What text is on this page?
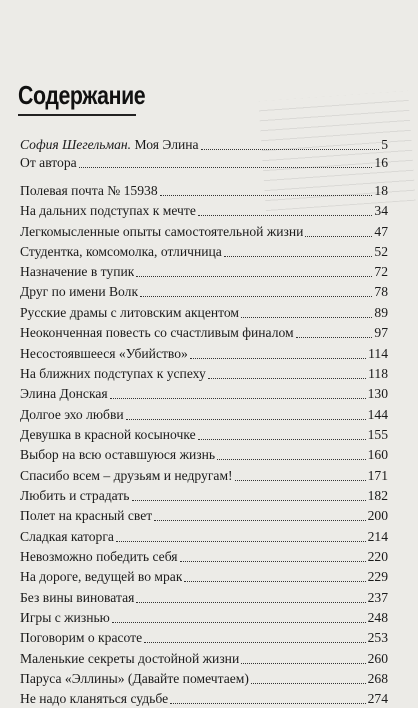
Содержание
София Шегельман. Моя Элина	5
От автора	16
Полевая почта № 15938	18
На дальних подступах к мечте	34
Легкомысленные опыты самостоятельной жизни	47
Студентка, комсомолка, отличница	52
Назначение в тупик	72
Друг по имени Волк	78
Русские драмы с литовским акцентом	89
Неоконченная повесть со счастливым финалом	97
Несостоявшееся «Убийство»	114
На ближних подступах к успеху	118
Элина Донская	130
Долгое эхо любви	144
Девушка в красной косыночке	155
Выбор на всю оставшуюся жизнь	160
Спасибо всем – друзьям и недругам!	171
Любить и страдать	182
Полет на красный свет	200
Сладкая каторга	214
Невозможно победить себя	220
На дороге, ведущей во мрак	229
Без вины виноватая	237
Игры с жизнью	248
Поговорим о красоте	253
Маленькие секреты достойной жизни	260
Паруса «Эллины» (Давайте помечтаем)	268
Не надо кланяться судьбе	274
